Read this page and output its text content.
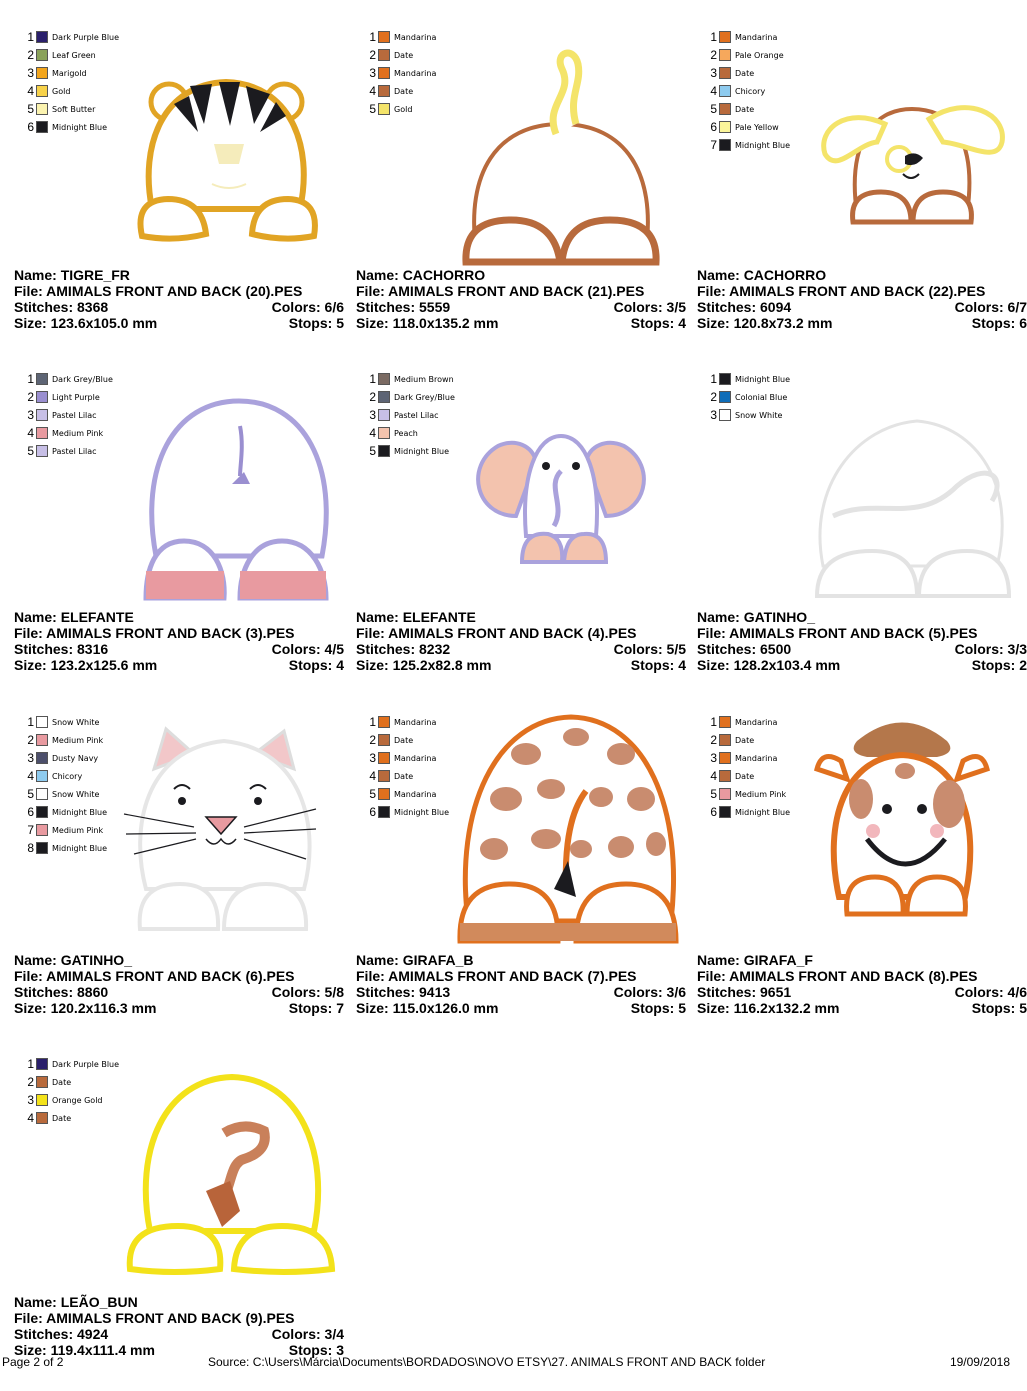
1 Dark Purple Blue
2 Leaf Green
3 Marigold
4 Gold
5 Soft Butter
6 Midnight Blue
Name: TIGRE_FR
File: AMIMALS FRONT AND BACK (20).PES
Stitches: 8368	Colors: 6/6
Size: 123.6x105.0 mm	Stops: 5
1 Mandarina
2 Date
3 Mandarina
4 Date
5 Gold
Name: CACHORRO
File: AMIMALS FRONT AND BACK (21).PES
Stitches: 5559	Colors: 3/5
Size: 118.0x135.2 mm	Stops: 4
1 Mandarina
2 Pale Orange
3 Date
4 Chicory
5 Date
6 Pale Yellow
7 Midnight Blue
Name: CACHORRO
File: AMIMALS FRONT AND BACK (22).PES
Stitches: 6094	Colors: 6/7
Size: 120.8x73.2 mm	Stops: 6
1 Dark Grey/Blue
2 Light Purple
3 Pastel Lilac
4 Medium Pink
5 Pastel Lilac
Name: ELEFANTE
File: AMIMALS FRONT AND BACK (3).PES
Stitches: 8316	Colors: 4/5
Size: 123.2x125.6 mm	Stops: 4
1 Medium Brown
2 Dark Grey/Blue
3 Pastel Lilac
4 Peach
5 Midnight Blue
Name: ELEFANTE
File: AMIMALS FRONT AND BACK (4).PES
Stitches: 8232	Colors: 5/5
Size: 125.2x82.8 mm	Stops: 4
1 Midnight Blue
2 Colonial Blue
3 Snow White
Name: GATINHO_
File: AMIMALS FRONT AND BACK (5).PES
Stitches: 6500	Colors: 3/3
Size: 128.2x103.4 mm	Stops: 2
1 Snow White
2 Medium Pink
3 Dusty Navy
4 Chicory
5 Snow White
6 Midnight Blue
7 Medium Pink
8 Midnight Blue
Name: GATINHO_
File: AMIMALS FRONT AND BACK (6).PES
Stitches: 8860	Colors: 5/8
Size: 120.2x116.3 mm	Stops: 7
1 Mandarina
2 Date
3 Mandarina
4 Date
5 Mandarina
6 Midnight Blue
Name: GIRAFA_B
File: AMIMALS FRONT AND BACK (7).PES
Stitches: 9413	Colors: 3/6
Size: 115.0x126.0 mm	Stops: 5
1 Mandarina
2 Date
3 Mandarina
4 Date
5 Medium Pink
6 Midnight Blue
Name: GIRAFA_F
File: AMIMALS FRONT AND BACK (8).PES
Stitches: 9651	Colors: 4/6
Size: 116.2x132.2 mm	Stops: 5
1 Dark Purple Blue
2 Date
3 Orange Gold
4 Date
Name: LEÃO_BUN
File: AMIMALS FRONT AND BACK (9).PES
Stitches: 4924	Colors: 3/4
Size: 119.4x111.4 mm	Stops: 3
Page 2 of 2	Source: C:\Users\Márcia\Documents\BORDADOS\NOVO ETSY\27. ANIMALS FRONT AND BACK folder	19/09/2018
